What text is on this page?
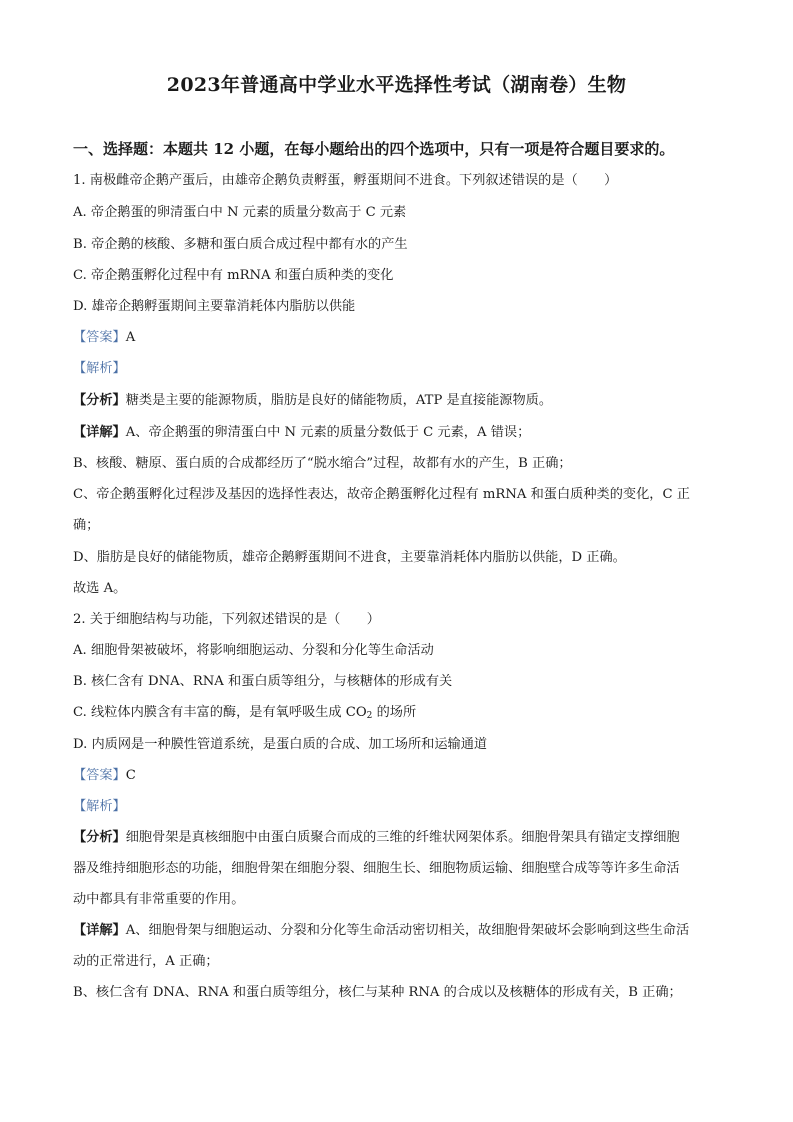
2023年普通高中学业水平选择性考试（湖南卷）生物
一、选择题：本题共 12 小题，在每小题给出的四个选项中，只有一项是符合题目要求的。
1. 南极雌帝企鹅产蛋后，由雄帝企鹅负责孵蛋，孵蛋期间不进食。下列叙述错误的是（　　）
A. 帝企鹅蛋的卵清蛋白中 N 元素的质量分数高于 C 元素
B. 帝企鹅的核酸、多糖和蛋白质合成过程中都有水的产生
C. 帝企鹅蛋孵化过程中有 mRNA 和蛋白质种类的变化
D. 雄帝企鹅孵蛋期间主要靠消耗体内脂肪以供能
【答案】A
【解析】
【分析】糖类是主要的能源物质，脂肪是良好的储能物质，ATP 是直接能源物质。
【详解】A、帝企鹅蛋的卵清蛋白中 N 元素的质量分数低于 C 元素，A 错误；
B、核酸、糖原、蛋白质的合成都经历了“脱水缩合”过程，故都有水的产生，B 正确；
C、帝企鹅蛋孵化过程涉及基因的选择性表达，故帝企鹅蛋孵化过程有 mRNA 和蛋白质种类的变化，C 正
确；
D、脂肪是良好的储能物质，雄帝企鹅孵蛋期间不进食，主要靠消耗体内脂肪以供能，D 正确。
故选 A。
2. 关于细胞结构与功能，下列叙述错误的是（　　）
A. 细胞骨架被破坏，将影响细胞运动、分裂和分化等生命活动
B. 核仁含有 DNA、RNA 和蛋白质等组分，与核糖体的形成有关
C. 线粒体内膜含有丰富的酶，是有氧呼吸生成 $CO_2$ 的场所
D. 内质网是一种膜性管道系统，是蛋白质的合成、加工场所和运输通道
【答案】C
【解析】
【分析】细胞骨架是真核细胞中由蛋白质聚合而成的三维的纤维状网架体系。细胞骨架具有锚定支撑细胞
器及维持细胞形态的功能，细胞骨架在细胞分裂、细胞生长、细胞物质运输、细胞壁合成等等许多生命活
动中都具有非常重要的作用。
【详解】A、细胞骨架与细胞运动、分裂和分化等生命活动密切相关，故细胞骨架破坏会影响到这些生命活
动的正常进行，A 正确；
B、核仁含有 DNA、RNA 和蛋白质等组分，核仁与某种 RNA 的合成以及核糖体的形成有关，B 正确；
